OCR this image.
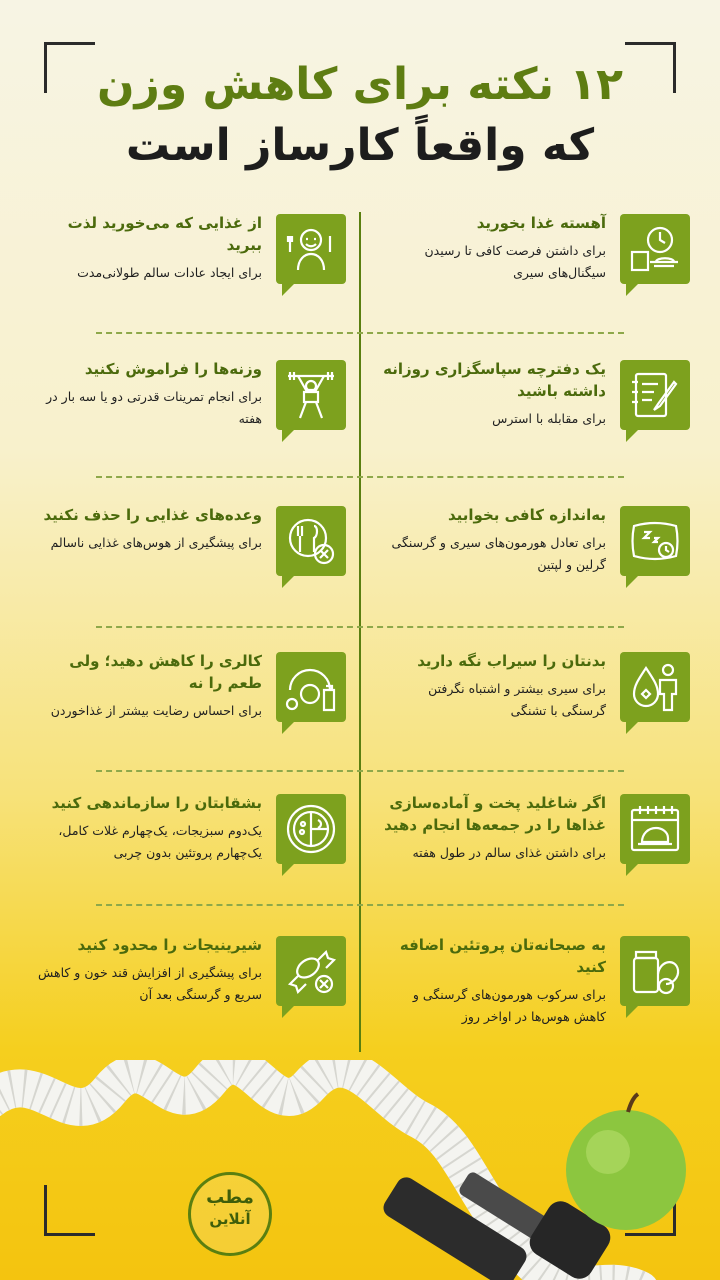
۱۲ نکته برای کاهش وزن
که واقعاً کارساز است

آهسته غذا بخورید

برای داشتن فرصت کافی تا رسیدن سیگنال‌های سیری

از غذایی که می‌خورید لذت ببرید

برای ایجاد عادات سالم طولانی‌مدت

یک دفترچه سپاسگزاری روزانه داشته باشید

برای مقابله با استرس

وزنه‌ها را فراموش نکنید

برای انجام تمرینات قدرتی دو یا سه بار در هفته

به‌اندازه کافی بخوابید

برای تعادل هورمون‌های سیری و گرسنگی گرلین و لپتین

وعده‌های غذایی را حذف نکنید

برای پیشگیری از هوس‌های غذایی ناسالم

بدنتان را سیراب نگه دارید

برای سیری بیشتر و اشتباه نگرفتن گرسنگی با تشنگی

کالری را کاهش دهید؛ ولی طعم را نه

برای احساس رضایت بیشتر از غذاخوردن

اگر شاغلید پخت و آماده‌سازی غذاها را در جمعه‌ها انجام دهید

برای داشتن غذای سالم در طول هفته

بشقابتان را سازماندهی کنید

یک‌دوم سبزیجات، یک‌چهارم غلات کامل، یک‌چهارم پروتئین بدون چربی

به صبحانه‌تان پروتئین اضافه کنید

برای سرکوب هورمون‌های گرسنگی و کاهش هوس‌ها در اواخر روز

شیرینیجات را محدود کنید

برای پیشگیری از افزایش قند خون و کاهش سریع و گرسنگی بعد آن

مطب
آنلاین
